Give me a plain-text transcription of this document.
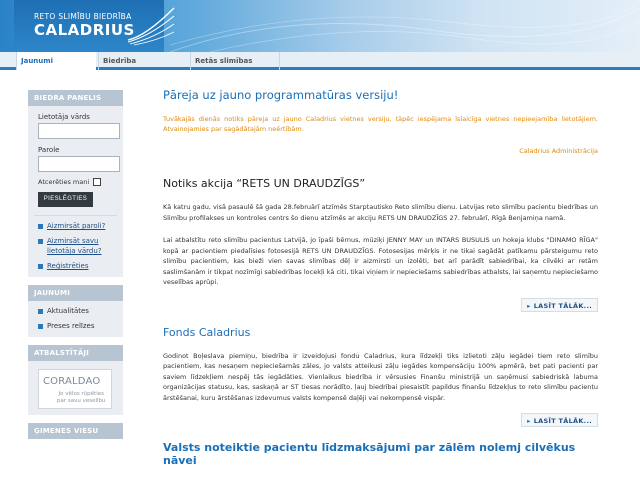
RETO SLIMĪBU BIEDRĪBA
CALADRIUS
Jaunumi	Biedrība	Retās slimības
BIEDRA PANELIS
Lietotāja vārds
Parole
Atcerēties mani
PIESLĒGTIES
Aizmirsāt paroli?
Aizmirsāt savu lietotāja vārdu?
Reģistrēties
JAUNUMI
Aktualitātes
Preses relīzes
ATBALSTĪTĀJI
CORALDAO
Jo vēlos rūpēties
par savu veselību
ĢIMENES VIESU NAMS
Pāreja uz jauno programmatūras versiju!
Tuvākajās dienās notiks pāreja uz jauno Caladrius vietnes versiju, tāpēc iespējama īslaicīga vietnes nepieejamība lietotājiem. Atvainojamies par sagādātajām neērtībām.
Caladrius Administrācija
Notiks akcija “RETS UN DRAUDZĪGS”
Kā katru gadu, visā pasaulē šā gada 28.februārī atzīmēs Starptautisko Reto slimību dienu. Latvijas reto slimību pacientu biedrības un Slimību profilakses un kontroles centrs šo dienu atzīmēs ar akciju RETS UN DRAUDZĪGS 27. februārī, Rīgā Benjamiņa namā.
Lai atbalstītu reto slimību pacientus Latvijā, jo īpaši bērnus, mūziķi JENNY MAY un INTARS BUSULIS un hokeja klubs "DINAMO RĪGA" kopā ar pacientiem piedalīsies fotosesijā RETS UN DRAUDZĪGS. Fotosesijas mērķis ir ne tikai sagādāt patīkamu pārsteigumu reto slimību pacientiem, kas bieži vien savas slimības dēļ ir aizmirsti un izolēti, bet arī parādīt sabiedrībai, ka cilvēki ar retām saslimšanām ir tikpat nozīmīgi sabiedrības locekļi kā citi, tikai viņiem ir nepieciešams sabiedrības atbalsts, lai saņemtu nepieciešamo veselības aprūpi.
▸ LASĪT TĀLĀK...
Fonds Caladrius
Godinot Boļeslava piemiņu, biedrība ir izveidojusi fondu Caladrius, kura līdzekļi tiks izlietoti zāļu iegādei tiem reto slimību pacientiem, kas nesaņem nepieciešamās zāles, jo valsts atteikusi zāļu iegādes kompensāciju 100% apmērā, bet pati pacienti par saviem līdzekļiem nespēj tās iegādāties. Vienlaikus biedrība ir vērsusies Finanšu ministrijā un saņēmusi sabiedriskā labuma organizācijas statusu, kas, saskaņā ar ST tiesas norādīto, ļauj biedrībai piesaistīt papildus finanšu līdzekļus to reto slimību pacientu ārstēšanai, kuru ārstēšanas izdevumus valsts kompensē daļēji vai nekompensē vispār.
▸ LASĪT TĀLĀK...
Valsts noteiktie pacientu līdzmaksājumi par zālēm nolemj cilvēkus nāvei
